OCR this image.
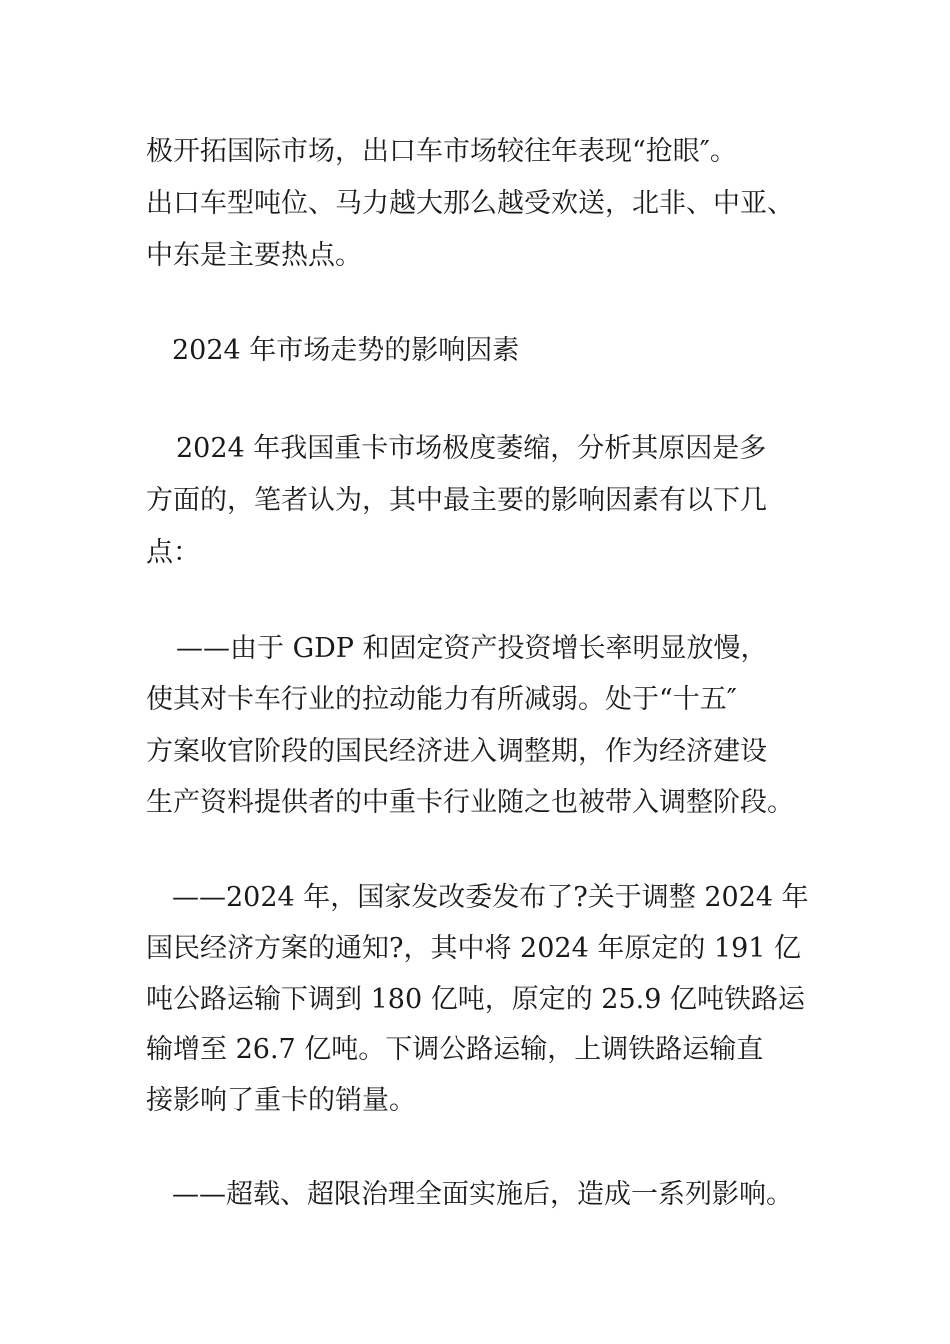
极开拓国际市场，出口车市场较往年表现“抢眼″。
出口车型吨位、马力越大那么越受欢送，北非、中亚、
中东是主要热点。
2024 年市场走势的影响因素
2024 年我国重卡市场极度萎缩，分析其原因是多
方面的，笔者认为，其中最主要的影响因素有以下几
点：
——由于 GDP 和固定资产投资增长率明显放慢，
使其对卡车行业的拉动能力有所减弱。处于“十五″
方案收官阶段的国民经济进入调整期，作为经济建设
生产资料提供者的中重卡行业随之也被带入调整阶段。
——2024 年，国家发改委发布了?关于调整 2024 年
国民经济方案的通知?，其中将 2024 年原定的 191 亿
吨公路运输下调到 180 亿吨，原定的 25.9 亿吨铁路运
输增至 26.7 亿吨。下调公路运输，上调铁路运输直
接影响了重卡的销量。
——超载、超限治理全面实施后，造成一系列影响。
